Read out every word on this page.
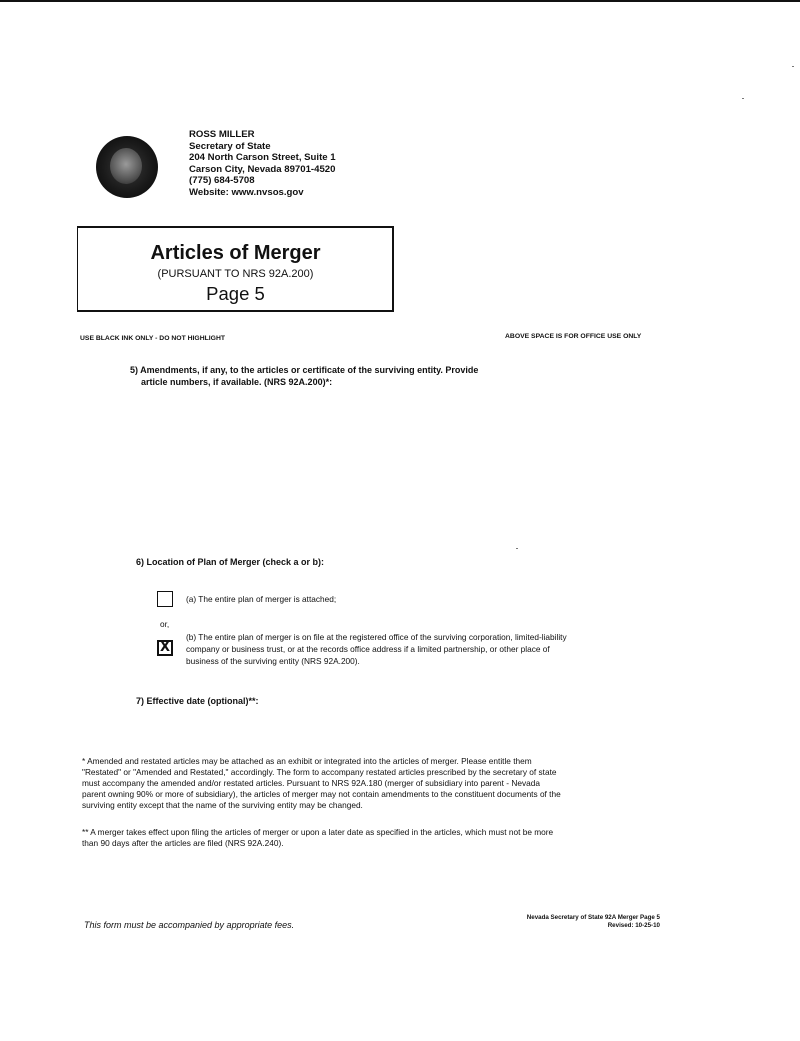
ROSS MILLER
Secretary of State
204 North Carson Street, Suite 1
Carson City, Nevada 89701-4520
(775) 684-5708
Website: www.nvsos.gov
Articles of Merger
(PURSUANT TO NRS 92A.200)
Page 5
USE BLACK INK ONLY - DO NOT HIGHLIGHT	ABOVE SPACE IS FOR OFFICE USE ONLY
5) Amendments, if any, to the articles or certificate of the surviving entity. Provide
article numbers, if available. (NRS 92A.200)*:
6) Location of Plan of Merger (check a or b):
(a) The entire plan of merger is attached;
or,
X
(b) The entire plan of merger is on file at the registered office of the surviving corporation, limited-liability
company or business trust, or at the records office address if a limited partnership, or other place of
business of the surviving entity (NRS 92A.200).
7) Effective date (optional)**:
* Amended and restated articles may be attached as an exhibit or integrated into the articles of merger. Please entitle them
"Restated" or "Amended and Restated," accordingly. The form to accompany restated articles prescribed by the secretary of state
must accompany the amended and/or restated articles. Pursuant to NRS 92A.180 (merger of subsidiary into parent - Nevada
parent owning 90% or more of subsidiary), the articles of merger may not contain amendments to the constituent documents of the
surviving entity except that the name of the surviving entity may be changed.
** A merger takes effect upon filing the articles of merger or upon a later date as specified in the articles, which must not be more
than 90 days after the articles are filed (NRS 92A.240).
This form must be accompanied by appropriate fees.
Nevada Secretary of State 92A Merger Page 5
Revised: 10-25-10
